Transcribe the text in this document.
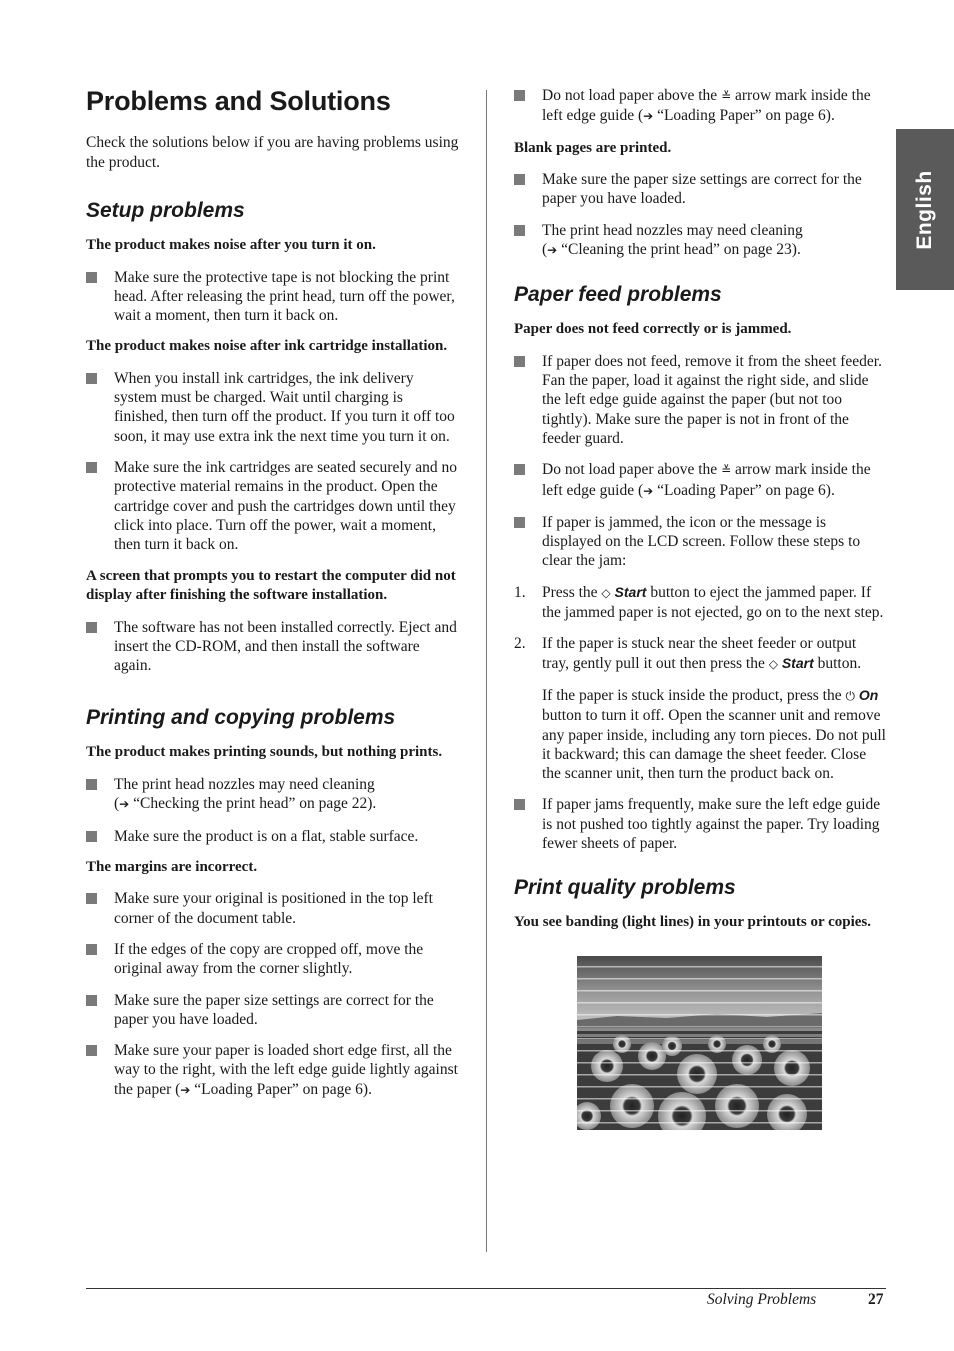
English
Problems and Solutions

Check the solutions below if you are having problems using the product.

Setup problems

The product makes noise after you turn it on.

Make sure the protective tape is not blocking the print head. After releasing the print head, turn off the power, wait a moment, then turn it back on.

The product makes noise after ink cartridge installation.

When you install ink cartridges, the ink delivery system must be charged. Wait until charging is finished, then turn off the product. If you turn it off too soon, it may use extra ink the next time you turn it on.
Make sure the ink cartridges are seated securely and no protective material remains in the product. Open the cartridge cover and push the cartridges down until they click into place. Turn off the power, wait a moment, then turn it back on.

A screen that prompts you to restart the computer did not display after finishing the software installation.

The software has not been installed correctly. Eject and insert the CD-ROM, and then install the software again.
Printing and copying problems

The product makes printing sounds, but nothing prints.

The print head nozzles may need cleaning
(➔ “Checking the print head” on page 22).
Make sure the product is on a flat, stable surface.

The margins are incorrect.

Make sure your original is positioned in the top left corner of the document table.
If the edges of the copy are cropped off, move the original away from the corner slightly.
Make sure the paper size settings are correct for the paper you have loaded.
Make sure your paper is loaded short edge first, all the way to the right, with the left edge guide lightly against the paper (➔ “Loading Paper” on page 6).
Do not load paper above the ≚ arrow mark inside the left edge guide (➔ “Loading Paper” on page 6).

Blank pages are printed.

Make sure the paper size settings are correct for the paper you have loaded.
The print head nozzles may need cleaning
(➔ “Cleaning the print head” on page 23).
Paper feed problems

Paper does not feed correctly or is jammed.

If paper does not feed, remove it from the sheet feeder. Fan the paper, load it against the right side, and slide the left edge guide against the paper (but not too tightly). Make sure the paper is not in front of the feeder guard.
Do not load paper above the ≚ arrow mark inside the left edge guide (➔ “Loading Paper” on page 6).
If paper is jammed, the icon or the message is displayed on the LCD screen. Follow these steps to clear the jam:
1. Press the ◇ Start button to eject the jammed paper. If the jammed paper is not ejected, go on to the next step.
2. If the paper is stuck near the sheet feeder or output tray, gently pull it out then press the ◇ Start button.

If the paper is stuck inside the product, press the ⏻ On button to turn it off. Open the scanner unit and remove any paper inside, including any torn pieces. Do not pull it backward; this can damage the sheet feeder. Close the scanner unit, then turn the product back on.

If paper jams frequently, make sure the left edge guide is not pushed too tightly against the paper. Try loading fewer sheets of paper.
Print quality problems

You see banding (light lines) in your printouts or copies.

Solving Problems	27
